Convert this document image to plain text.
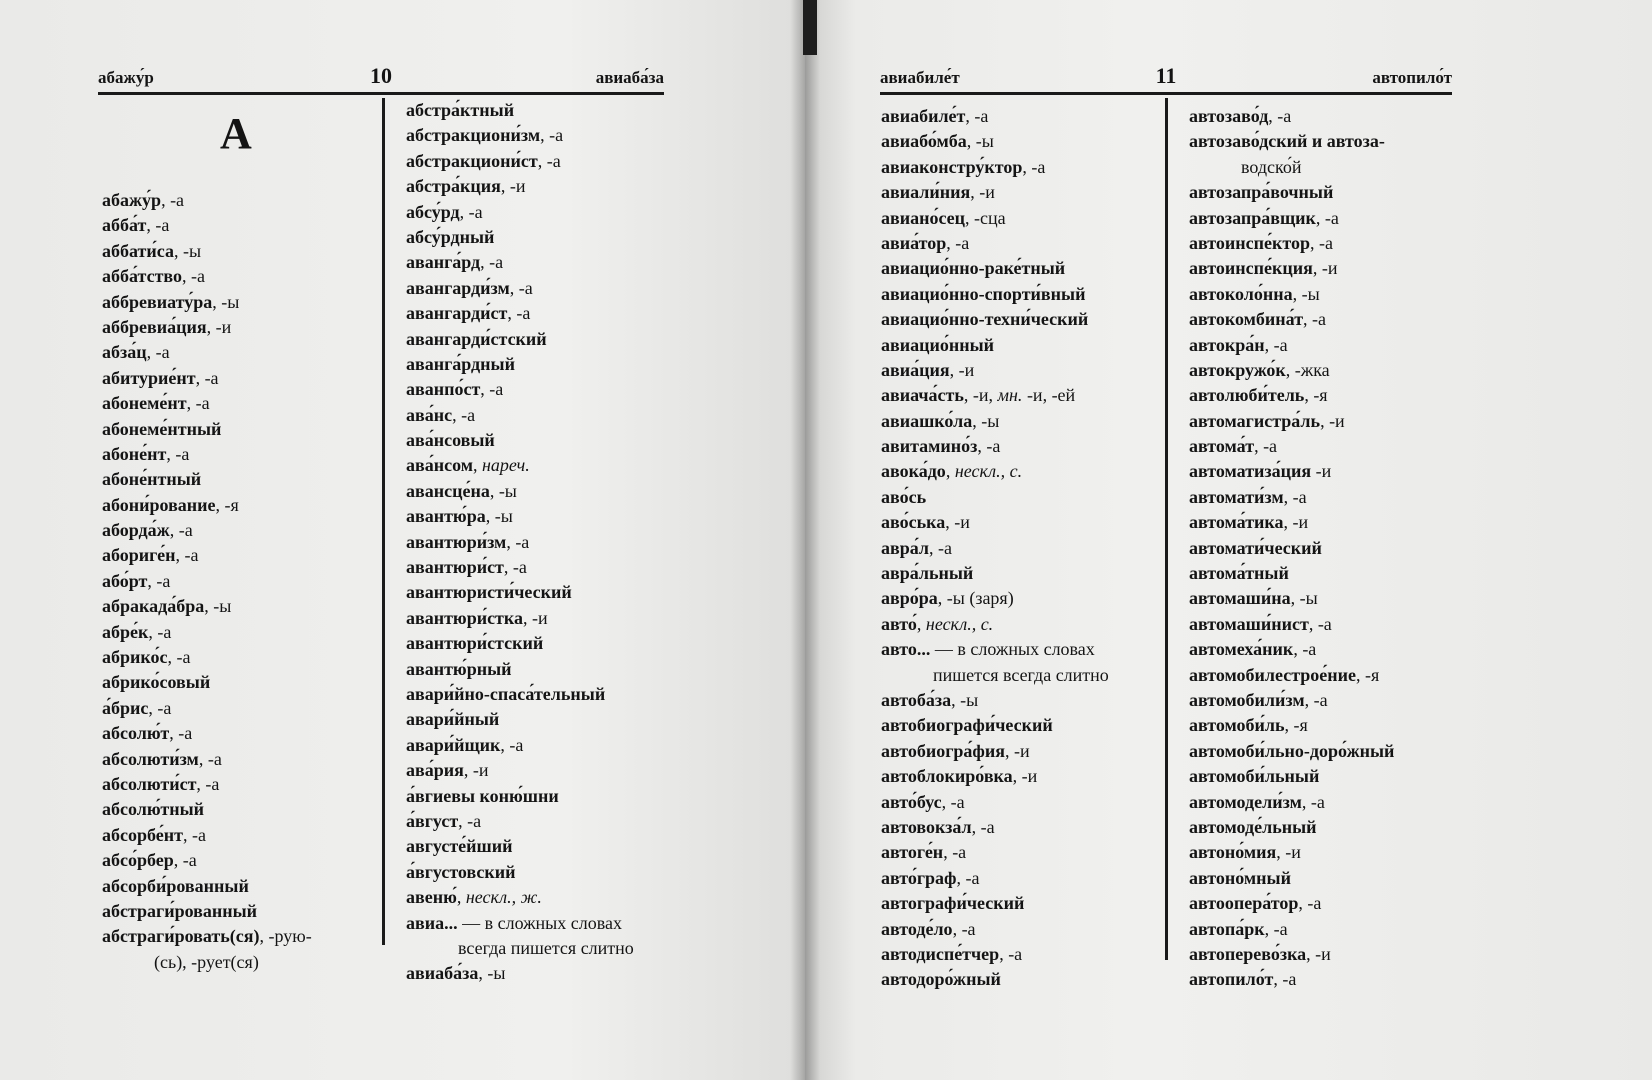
абажу́р	10	авиаба́за
А
абажу́р, -а
абба́т, -а
аббати́са, -ы
абба́тство, -а
аббревиату́ра, -ы
аббревиа́ция, -и
абза́ц, -а
абитурие́нт, -а
абонеме́нт, -а
абонеме́нтный
абоне́нт, -а
абоне́нтный
абони́рование, -я
аборда́ж, -а
абориге́н, -а
або́рт, -а
абракада́бра, -ы
абре́к, -а
абрико́с, -а
абрико́совый
а́брис, -а
абсолю́т, -а
абсолюти́зм, -а
абсолюти́ст, -а
абсолю́тный
абсорбе́нт, -а
абсо́рбер, -а
абсорби́рованный
абстраги́рованный
абстраги́ровать(ся), -рую-
(сь), -рует(ся)
абстра́ктный
абстракциони́зм, -а
абстракциони́ст, -а
абстра́кция, -и
абсу́рд, -а
абсу́рдный
аванга́рд, -а
авангарди́зм, -а
авангарди́ст, -а
авангарди́стский
аванга́рдный
аванпо́ст, -а
ава́нс, -а
ава́нсовый
ава́нсом, нареч.
авансце́на, -ы
авантю́ра, -ы
авантюри́зм, -а
авантюри́ст, -а
авантюристи́ческий
авантюри́стка, -и
авантюри́стский
авантю́рный
авари́йно-спаса́тельный
авари́йный
авари́йщик, -а
ава́рия, -и
а́вгиевы коню́шни
а́вгуст, -а
августе́йший
а́вгустовский
авеню́, нескл., ж.
авиа... — в сложных словах
всегда пишется слитно
авиаба́за, -ы
авиабиле́т	11	автопило́т
авиабиле́т, -а
авиабо́мба, -ы
авиаконстру́ктор, -а
авиали́ния, -и
авиано́сец, -сца
авиа́тор, -а
авиацио́нно-раке́тный
авиацио́нно-спорти́вный
авиацио́нно-техни́ческий
авиацио́нный
авиа́ция, -и
авиача́сть, -и, мн. -и, -ей
авиашко́ла, -ы
авитамино́з, -а
авока́до, нескл., с.
аво́сь
аво́ська, -и
авра́л, -а
авра́льный
авро́ра, -ы (заря)
авто́, нескл., с.
авто... — в сложных словах
пишется всегда слитно
автоба́за, -ы
автобиографи́ческий
автобиогра́фия, -и
автоблокиро́вка, -и
авто́бус, -а
автовокза́л, -а
автоге́н, -а
авто́граф, -а
автографи́ческий
автоде́ло, -а
автодиспе́тчер, -а
автодоро́жный
автозаво́д, -а
автозаво́дский и автоза-
водско́й
автозапра́вочный
автозапра́вщик, -а
автоинспе́ктор, -а
автоинспе́кция, -и
автоколо́нна, -ы
автокомбина́т, -а
автокра́н, -а
автокружо́к, -жка
автолюби́тель, -я
автомагистра́ль, -и
автома́т, -а
автоматиза́ция -и
автомати́зм, -а
автома́тика, -и
автомати́ческий
автома́тный
автомаши́на, -ы
автомаши́нист, -а
автомеха́ник, -а
автомобилестрое́ние, -я
автомобили́зм, -а
автомоби́ль, -я
автомоби́льно-доро́жный
автомоби́льный
автомодели́зм, -а
автомоде́льный
автоно́мия, -и
автоно́мный
автоопера́тор, -а
автопа́рк, -а
автоперево́зка, -и
автопило́т, -а
